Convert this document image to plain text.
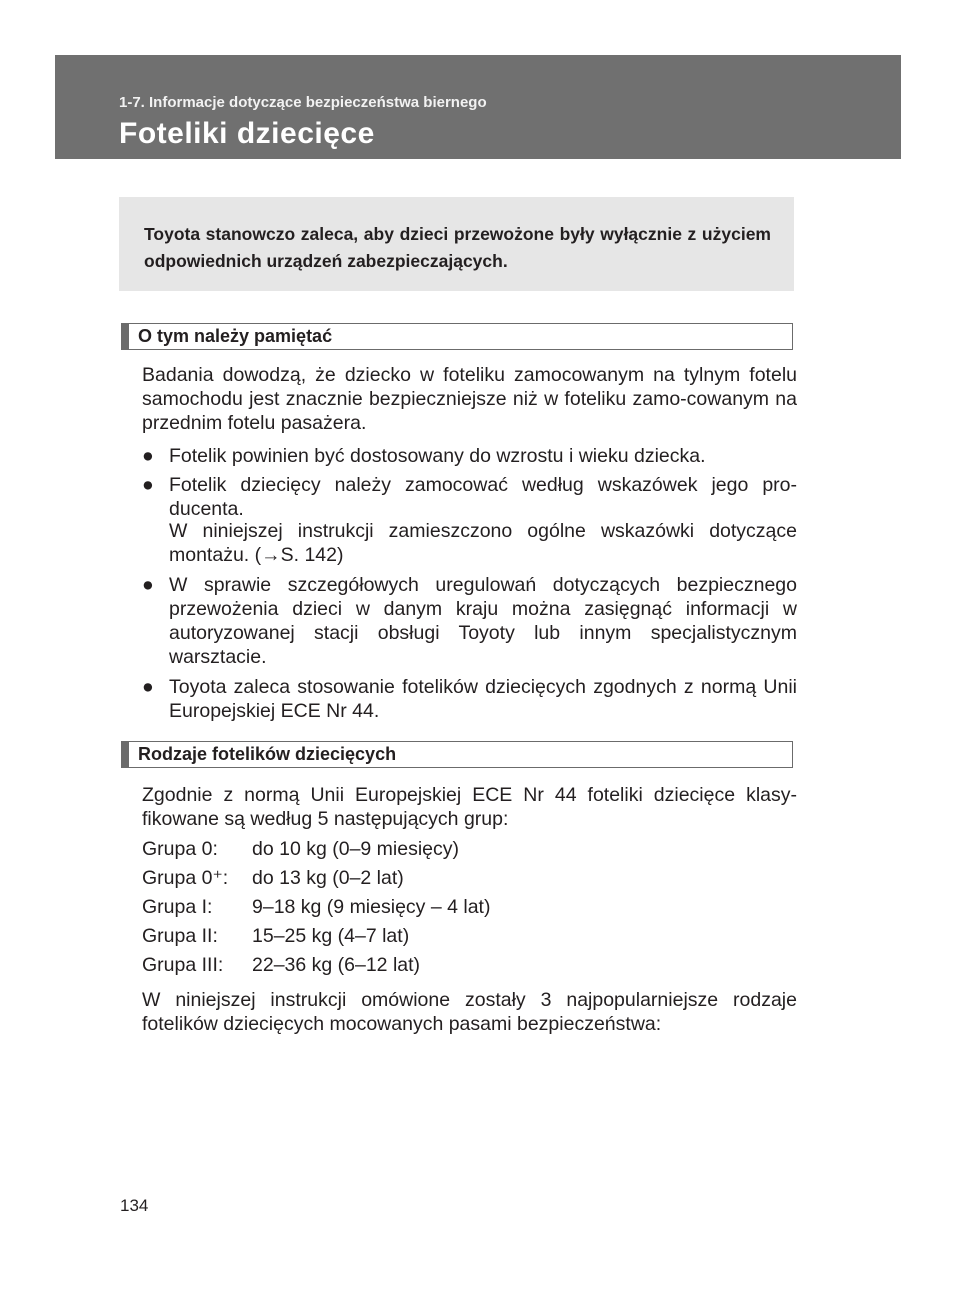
1-7. Informacje dotyczące bezpieczeństwa biernego
Foteliki dziecięce

Toyota stanowczo zaleca, aby dzieci przewożone były wyłącznie z użyciem odpowiednich urządzeń zabezpieczających.

O tym należy pamiętać

Badania dowodzą, że dziecko w foteliku zamocowanym na tylnym fotelu samochodu jest znacznie bezpieczniejsze niż w foteliku zamo-cowanym na przednim fotelu pasażera.

● Fotelik powinien być dostosowany do wzrostu i wieku dziecka.

● Fotelik dziecięcy należy zamocować według wskazówek jego pro-ducenta.

W niniejszej instrukcji zamieszczono ogólne wskazówki dotyczące montażu. (→S. 142)

● W sprawie szczegółowych uregulowań dotyczących bezpiecznego przewożenia dzieci w danym kraju można zasięgnąć informacji w autoryzowanej stacji obsługi Toyoty lub innym specjalistycznym warsztacie.

● Toyota zaleca stosowanie fotelików dziecięcych zgodnych z normą Unii Europejskiej ECE Nr 44.

Rodzaje fotelików dziecięcych

Zgodnie z normą Unii Europejskiej ECE Nr 44 foteliki dziecięce klasy-fikowane są według 5 następujących grup:

Grupa 0: do 10 kg (0–9 miesięcy)
Grupa 0⁺: do 13 kg (0–2 lat)
Grupa I: 9–18 kg (9 miesięcy – 4 lat)
Grupa II: 15–25 kg (4–7 lat)
Grupa III: 22–36 kg (6–12 lat)

W niniejszej instrukcji omówione zostały 3 najpopularniejsze rodzaje fotelików dziecięcych mocowanych pasami bezpieczeństwa:

134
